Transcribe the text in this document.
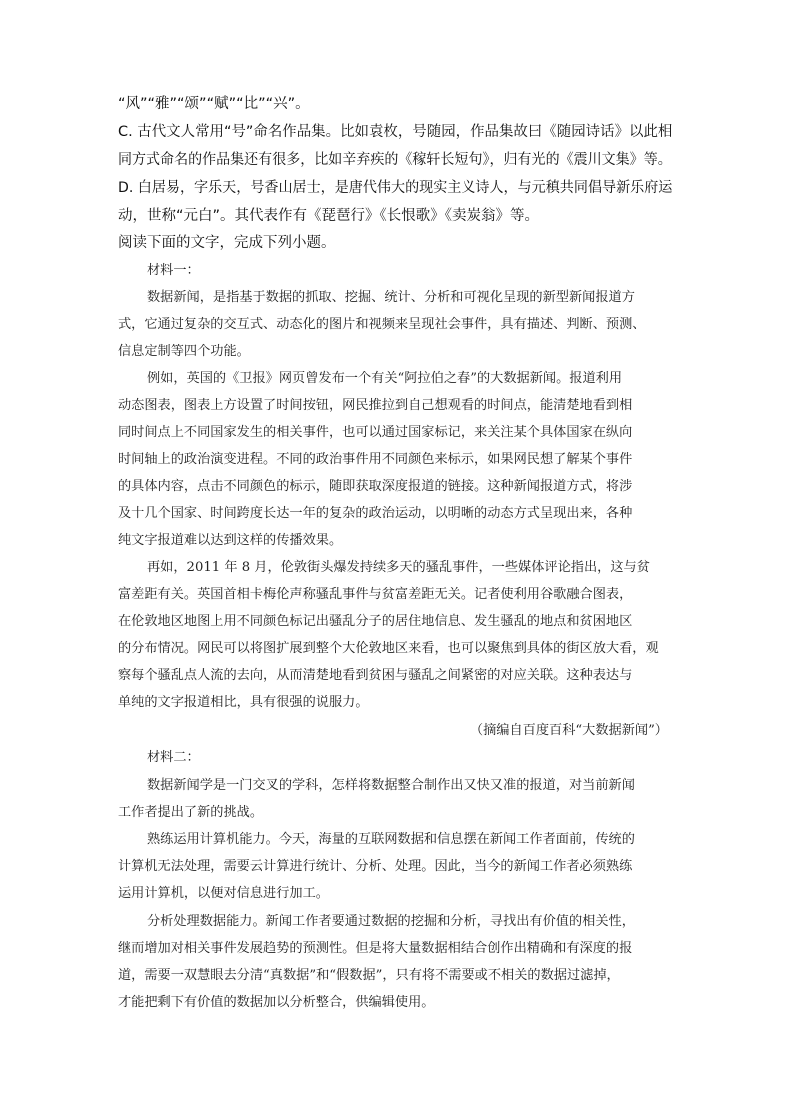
“风”“雅”“颂”“赋”“比”“兴”。
C. 古代文人常用“号”命名作品集。比如袁枚，号随园，作品集故曰《随园诗话》以此相
同方式命名的作品集还有很多，比如辛弃疾的《稼轩长短句》，归有光的《震川文集》等。
D. 白居易，字乐天，号香山居士，是唐代伟大的现实主义诗人，与元稹共同倡导新乐府运
动，世称“元白”。其代表作有《琵琶行》《长恨歌》《卖炭翁》等。
阅读下面的文字，完成下列小题。
材料一：
数据新闻，是指基于数据的抓取、挖掘、统计、分析和可视化呈现的新型新闻报道方
式，它通过复杂的交互式、动态化的图片和视频来呈现社会事件，具有描述、判断、预测、
信息定制等四个功能。
例如，英国的《卫报》网页曾发布一个有关“阿拉伯之春”的大数据新闻。报道利用
动态图表，图表上方设置了时间按钮，网民推拉到自己想观看的时间点，能清楚地看到相
同时间点上不同国家发生的相关事件，也可以通过国家标记，来关注某个具体国家在纵向
时间轴上的政治演变进程。不同的政治事件用不同颜色来标示，如果网民想了解某个事件
的具体内容，点击不同颜色的标示，随即获取深度报道的链接。这种新闻报道方式，将涉
及十几个国家、时间跨度长达一年的复杂的政治运动，以明晰的动态方式呈现出来，各种
纯文字报道难以达到这样的传播效果。
再如，2011 年 8 月，伦敦街头爆发持续多天的骚乱事件，一些媒体评论指出，这与贫
富差距有关。英国首相卡梅伦声称骚乱事件与贫富差距无关。记者使利用谷歌融合图表，
在伦敦地区地图上用不同颜色标记出骚乱分子的居住地信息、发生骚乱的地点和贫困地区
的分布情况。网民可以将图扩展到整个大伦敦地区来看，也可以聚焦到具体的街区放大看，观
察每个骚乱点人流的去向，从而清楚地看到贫困与骚乱之间紧密的对应关联。这种表达与
单纯的文字报道相比，具有很强的说服力。
（摘编自百度百科“大数据新闻”）
材料二：
数据新闻学是一门交叉的学科，怎样将数据整合制作出又快又准的报道，对当前新闻
工作者提出了新的挑战。
熟练运用计算机能力。今天，海量的互联网数据和信息摆在新闻工作者面前，传统的
计算机无法处理，需要云计算进行统计、分析、处理。因此，当今的新闻工作者必须熟练
运用计算机，以便对信息进行加工。
分析处理数据能力。新闻工作者要通过数据的挖掘和分析，寻找出有价值的相关性，
继而增加对相关事件发展趋势的预测性。但是将大量数据相结合创作出精确和有深度的报
道，需要一双慧眼去分清“真数据”和“假数据”，只有将不需要或不相关的数据过滤掉，
才能把剩下有价值的数据加以分析整合，供编辑使用。
